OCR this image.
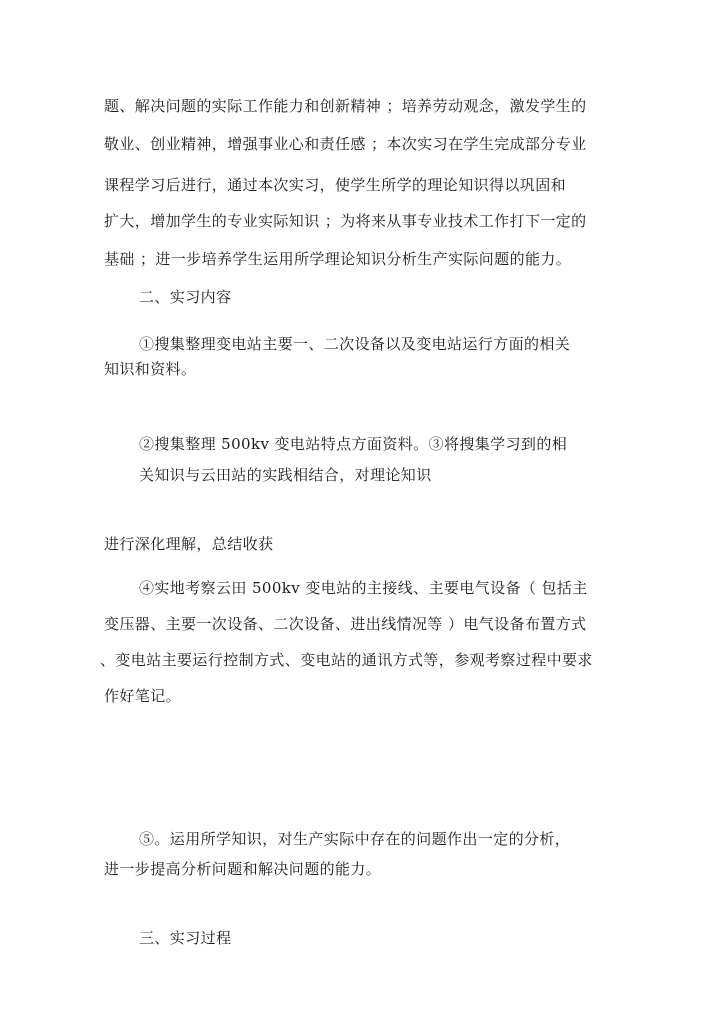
题、解决问题的实际工作能力和创新精神 ；培养劳动观念，激发学生的
敬业、创业精神，增强事业心和责任感 ；本次实习在学生完成部分专业
课程学习后进行，通过本次实习，使学生所学的理论知识得以巩固和
扩大，增加学生的专业实际知识 ；为将来从事专业技术工作打下一定的
基础 ；进一步培养学生运用所学理论知识分析生产实际问题的能力。
二、实习内容
①搜集整理变电站主要一、二次设备以及变电站运行方面的相关
知识和资料。
②搜集整理 500kv 变电站特点方面资料。③将搜集学习到的相
关知识与云田站的实践相结合，对理论知识
进行深化理解，总结收获
④实地考察云田 500kv 变电站的主接线、主要电气设备（ 包括主
变压器、主要一次设备、二次设备、进出线情况等 ）电气设备布置方式
、变电站主要运行控制方式、变电站的通讯方式等，参观考察过程中要求
作好笔记。
⑤。运用所学知识，对生产实际中存在的问题作出一定的分析，
进一步提高分析问题和解决问题的能力。
三、实习过程
